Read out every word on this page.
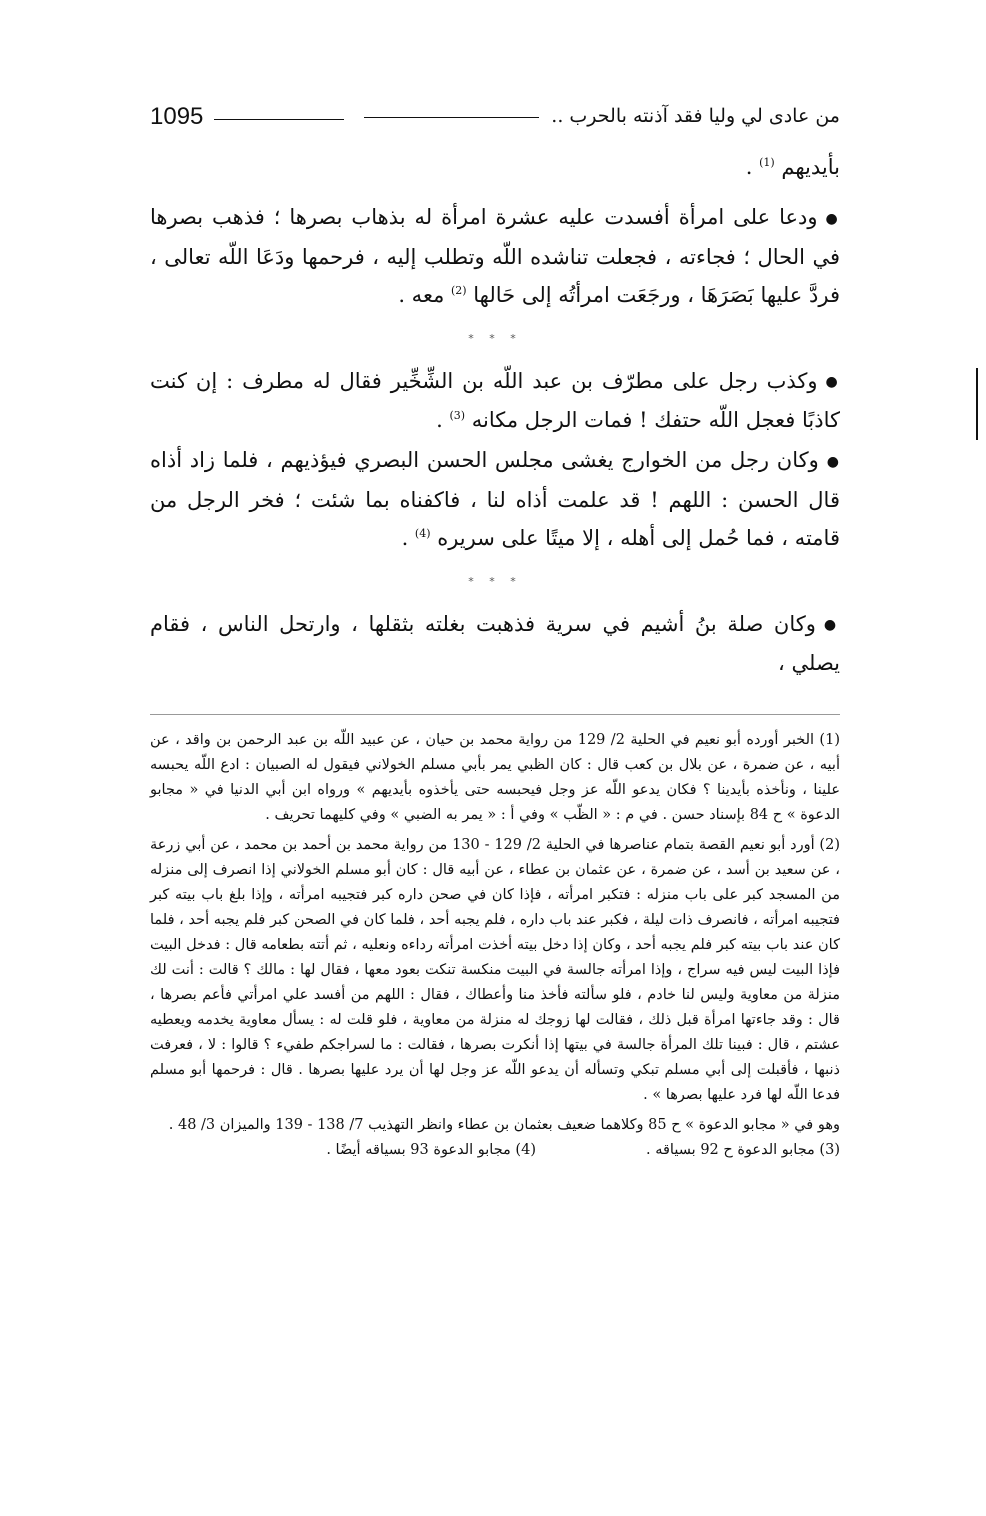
1095	من عادى لي وليا فقد آذنته بالحرب ..

بأيديهم $^{(1)}$ .

●ودعا على امرأة أفسدت عليه عشرة امرأة له بذهاب بصرها ؛ فذهب بصرها في الحال ؛ فجاءته ، فجعلت تناشده اللّه وتطلب إليه ، فرحمها ودَعَا اللّه تعالى ، فردَّ عليها بَصَرَهَا ، ورجَعَت امرأتُه إلى حَالها $^{(2)}$ معه .

* * *

●وكذب رجل على مطرّف بن عبد اللّه بن الشِّخِّير فقال له مطرف : إن كنت كاذبًا فعجل اللّه حتفك ! فمات الرجل مكانه $^{(3)}$ .

●وكان رجل من الخوارج يغشى مجلس الحسن البصري فيؤذيهم ، فلما زاد أذاه قال الحسن : اللهم ! قد علمت أذاه لنا ، فاكفناه بما شئت ؛ فخر الرجل من قامته ، فما حُمل إلى أهله ، إلا ميتًا على سريره $^{(4)}$ .

* * *

●وكان صلة بنُ أشيم في سرية فذهبت بغلته بثقلها ، وارتحل الناس ، فقام يصلي ،

(1) الخبر أورده أبو نعيم في الحلية 2/ 129 من رواية محمد بن حيان ، عن عبيد اللّه بن عبد الرحمن بن واقد ، عن أبيه ، عن ضمرة ، عن بلال بن كعب قال : كان الظبي يمر بأبي مسلم الخولاني فيقول له الصبيان : ادع اللّه يحبسه علينا ، ونأخذه بأيدينا ؟ فكان يدعو اللّه عز وجل فيحبسه حتى يأخذوه بأيديهم » ورواه ابن أبي الدنيا في « مجابو الدعوة » ح 84 بإسناد حسن . في م : « الظّب » وفي أ : « يمر به الضبي » وفي كليهما تحريف .

(2) أورد أبو نعيم القصة بتمام عناصرها في الحلية 2/ 129 - 130 من رواية محمد بن أحمد بن محمد ، عن أبي زرعة ، عن سعيد بن أسد ، عن ضمرة ، عن عثمان بن عطاء ، عن أبيه قال : كان أبو مسلم الخولاني إذا انصرف إلى منزله من المسجد كبر على باب منزله : فتكبر امرأته ، فإذا كان في صحن داره كبر فتجيبه امرأته ، وإذا بلغ باب بيته كبر فتجيبه امرأته ، فانصرف ذات ليلة ، فكبر عند باب داره ، فلم يجبه أحد ، فلما كان في الصحن كبر فلم يجبه أحد ، فلما كان عند باب بيته كبر فلم يجبه أحد ، وكان إذا دخل بيته أخذت امرأته رداءه ونعليه ، ثم أتته بطعامه قال : فدخل البيت فإذا البيت ليس فيه سراج ، وإذا امرأته جالسة في البيت منكسة تنكت بعود معها ، فقال لها : مالك ؟ قالت : أنت لك منزلة من معاوية وليس لنا خادم ، فلو سألته فأخذ منا وأعطاك ، فقال : اللهم من أفسد علي امرأتي فأعم بصرها ، قال : وقد جاءتها امرأة قبل ذلك ، فقالت لها زوجك له منزلة من معاوية ، فلو قلت له : يسأل معاوية يخدمه ويعطيه عشتم ، قال : فبينا تلك المرأة جالسة في بيتها إذا أنكرت بصرها ، فقالت : ما لسراجكم طفيء ؟ قالوا : لا ، فعرفت ذنبها ، فأقبلت إلى أبي مسلم تبكي وتسأله أن يدعو اللّه عز وجل لها أن يرد عليها بصرها . قال : فرحمها أبو مسلم فدعا اللّه لها فرد عليها بصرها » .

وهو في « مجابو الدعوة » ح 85 وكلاهما ضعيف بعثمان بن عطاء وانظر التهذيب 7/ 138 - 139 والميزان 3/ 48 .

(3) مجابو الدعوة ح 92 بسياقه .
(4) مجابو الدعوة 93 بسياقه أيضًا .
